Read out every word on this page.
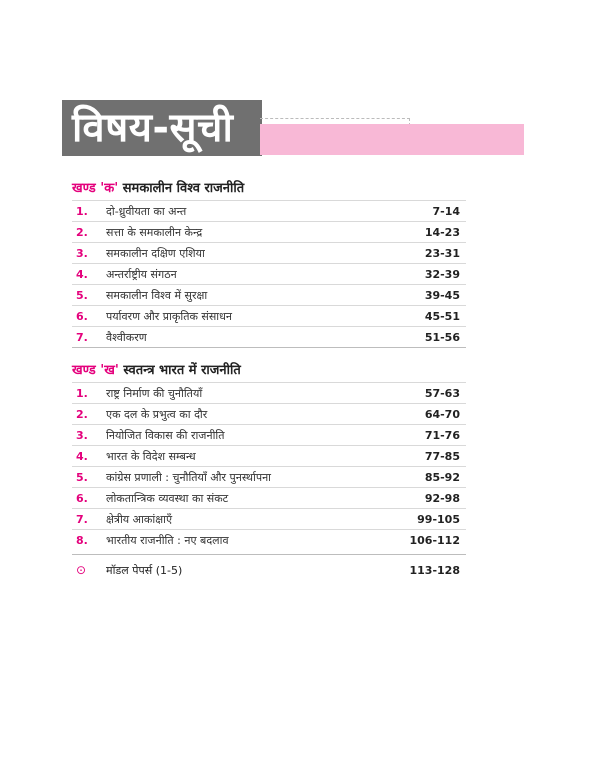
विषय-सूची
खण्ड 'क' समकालीन विश्व राजनीति
1.	दो-ध्रुवीयता का अन्त	7-14
2.	सत्ता के समकालीन केन्द्र	14-23
3.	समकालीन दक्षिण एशिया	23-31
4.	अन्तर्राष्ट्रीय संगठन	32-39
5.	समकालीन विश्व में सुरक्षा	39-45
6.	पर्यावरण और प्राकृतिक संसाधन	45-51
7.	वैश्वीकरण	51-56
खण्ड 'ख' स्वतन्त्र भारत में राजनीति
1.	राष्ट्र निर्माण की चुनौतियाँ	57-63
2.	एक दल के प्रभुत्व का दौर	64-70
3.	नियोजित विकास की राजनीति	71-76
4.	भारत के विदेश सम्बन्ध	77-85
5.	कांग्रेस प्रणाली : चुनौतियाँ और पुनर्स्थापना	85-92
6.	लोकतान्त्रिक व्यवस्था का संकट	92-98
7.	क्षेत्रीय आकांक्षाएँ	99-105
8.	भारतीय राजनीति : नए बदलाव	106-112
⊙	मॉडल पेपर्स (1-5)	113-128
